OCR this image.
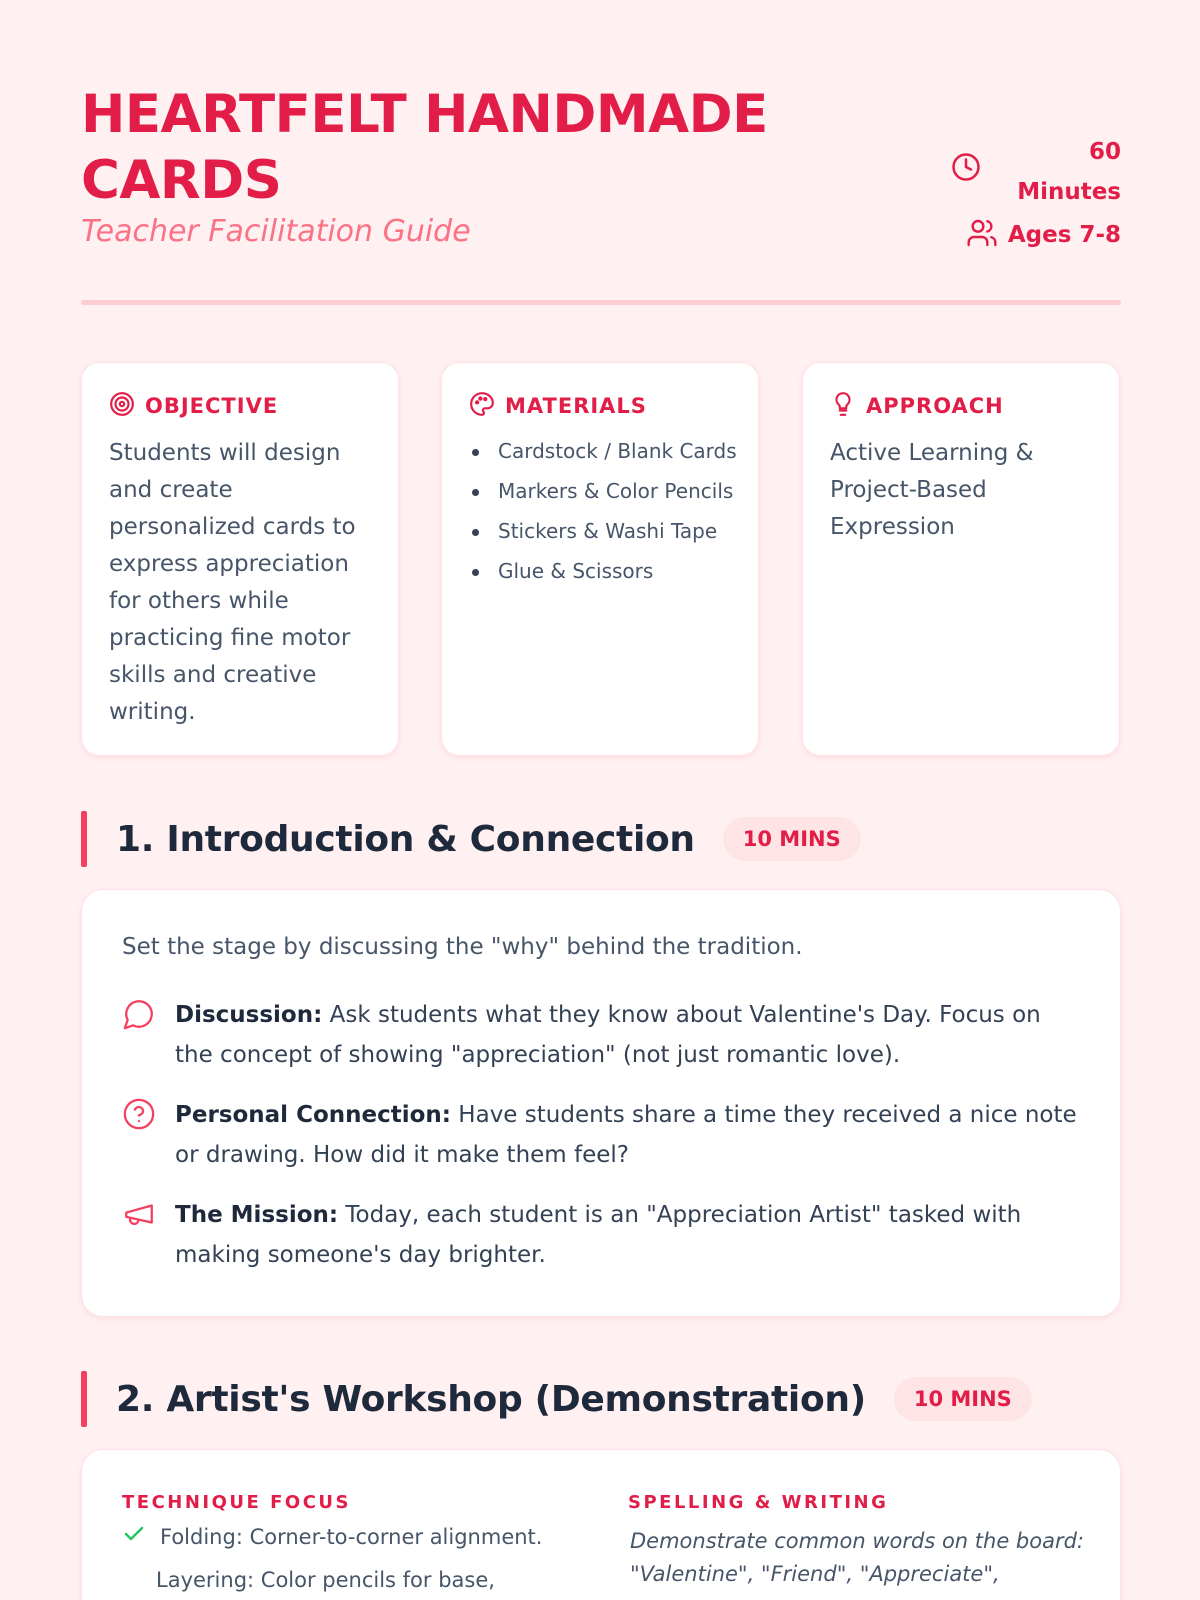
HEARTFELT HANDMADE CARDS
Teacher Facilitation Guide
60 Minutes
Ages 7-8
OBJECTIVE
Students will design and create personalized cards to express appreciation for others while practicing fine motor skills and creative writing.
MATERIALS
Cardstock / Blank Cards
Markers & Color Pencils
Stickers & Washi Tape
Glue & Scissors
APPROACH
Active Learning & Project-Based Expression
1. Introduction & Connection	10 MINS
Set the stage by discussing the "why" behind the tradition.
Discussion: Ask students what they know about Valentine's Day. Focus on the concept of showing "appreciation" (not just romantic love).
Personal Connection: Have students share a time they received a nice note or drawing. How did it make them feel?
The Mission: Today, each student is an "Appreciation Artist" tasked with making someone's day brighter.
2. Artist's Workshop (Demonstration)	10 MINS
TECHNIQUE FOCUS
Folding: Corner-to-corner alignment.
Layering: Color pencils for base,
SPELLING & WRITING
Demonstrate common words on the board: "Valentine", "Friend", "Appreciate",
